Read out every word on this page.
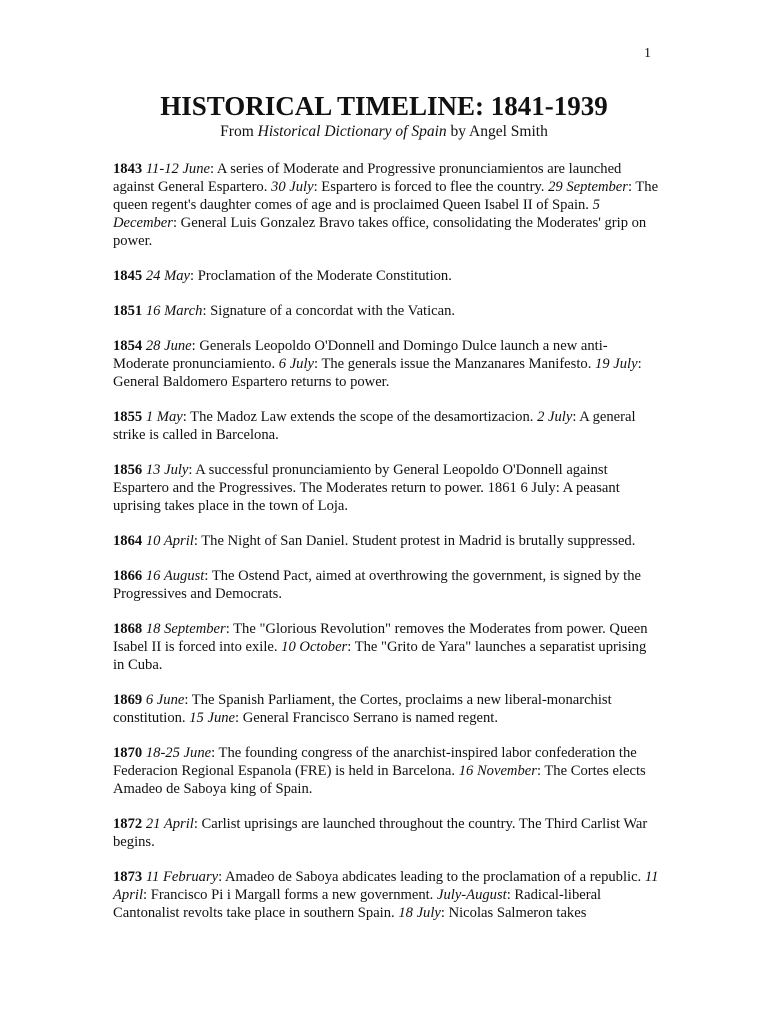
1
HISTORICAL TIMELINE: 1841-1939

From Historical Dictionary of Spain by Angel Smith

1843 11-12 June: A series of Moderate and Progressive pronunciamientos are launched against General Espartero. 30 July: Espartero is forced to flee the country. 29 September: The queen regent's daughter comes of age and is proclaimed Queen Isabel II of Spain. 5 December: General Luis Gonzalez Bravo takes office, consolidating the Moderates' grip on power.

1845 24 May: Proclamation of the Moderate Constitution.

1851 16 March: Signature of a concordat with the Vatican.

1854 28 June: Generals Leopoldo O'Donnell and Domingo Dulce launch a new anti-Moderate pronunciamiento. 6 July: The generals issue the Manzanares Manifesto. 19 July: General Baldomero Espartero returns to power.

1855 1 May: The Madoz Law extends the scope of the desamortizacion. 2 July: A general strike is called in Barcelona.

1856 13 July: A successful pronunciamiento by General Leopoldo O'Donnell against Espartero and the Progressives. The Moderates return to power. 1861 6 July: A peasant uprising takes place in the town of Loja.

1864 10 April: The Night of San Daniel. Student protest in Madrid is brutally suppressed.

1866 16 August: The Ostend Pact, aimed at overthrowing the government, is signed by the Progressives and Democrats.

1868 18 September: The "Glorious Revolution" removes the Moderates from power. Queen Isabel II is forced into exile. 10 October: The "Grito de Yara" launches a separatist uprising in Cuba.

1869 6 June: The Spanish Parliament, the Cortes, proclaims a new liberal-monarchist constitution. 15 June: General Francisco Serrano is named regent.

1870 18-25 June: The founding congress of the anarchist-inspired labor confederation the Federacion Regional Espanola (FRE) is held in Barcelona. 16 November: The Cortes elects Amadeo de Saboya king of Spain.

1872 21 April: Carlist uprisings are launched throughout the country. The Third Carlist War begins.

1873 11 February: Amadeo de Saboya abdicates leading to the proclamation of a republic. 11 April: Francisco Pi i Margall forms a new government. July-August: Radical-liberal Cantonalist revolts take place in southern Spain. 18 July: Nicolas Salmeron takes
